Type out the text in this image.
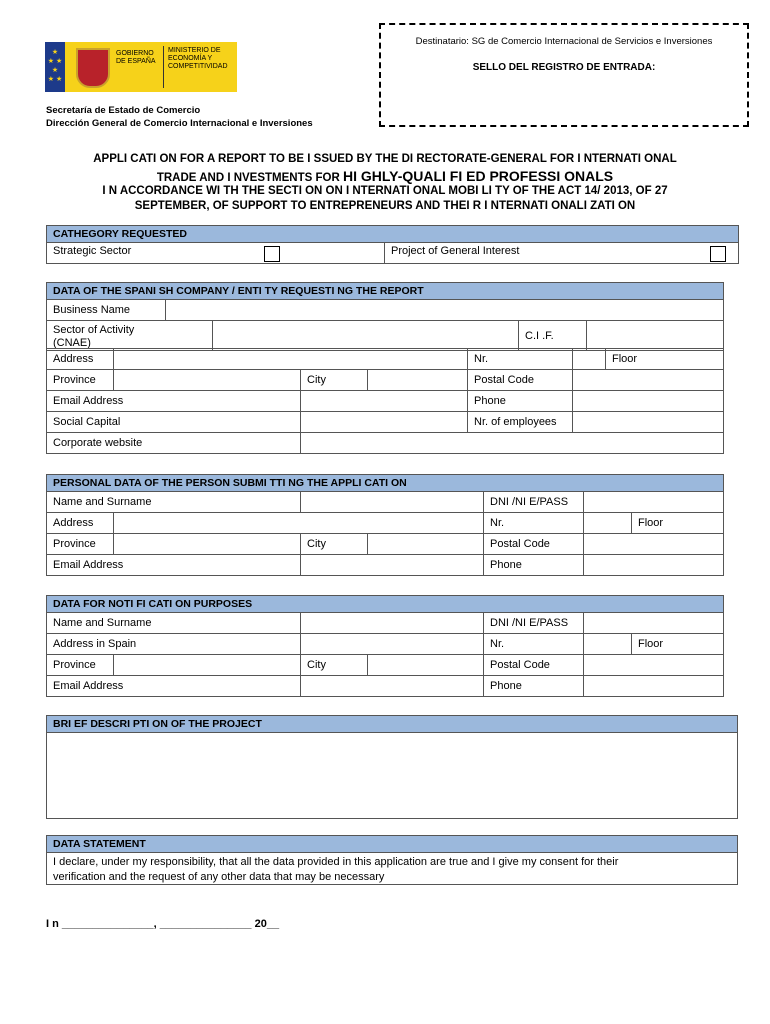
★
★ ★
★
★ ★
GOBIERNO DE ESPAÑA
MINISTERIO DE ECONOMÍA Y COMPETITIVIDAD
Secretaría de Estado de Comercio
Dirección General de Comercio Internacional e Inversiones
Destinatario: SG de Comercio Internacional de Servicios e Inversiones
SELLO DEL REGISTRO DE ENTRADA:
APPLI CATI ON FOR A REPORT TO BE I SSUED BY THE DI RECTORATE-GENERAL FOR I NTERNATI ONAL
TRADE AND I NVESTMENTS FOR HI GHLY-QUALI FI ED PROFESSI ONALS
I N ACCORDANCE WI TH THE SECTI ON ON I NTERNATI ONAL MOBI LI TY OF THE ACT 14/ 2013, OF 27
SEPTEMBER, OF SUPPORT TO ENTREPRENEURS AND THEI R I NTERNATI ONALI ZATI ON
CATHEGORY REQUESTED
Strategic Sector	Project of General Interest
DATA OF THE SPANI SH COMPANY / ENTI TY REQUESTI NG THE REPORT				
Business Name				

Sector of Activity
(CNAE)			C.I .F.	
Address				Nr.		Floor
Province		City		Postal Code		
Email Address				Phone		
Social Capital				Nr. of employees		
Corporate website						
PERSONAL DATA OF THE PERSON SUBMI TTI NG THE APPLI CATI ON						
Name and Surname				DNI /NI E/PASS		
Address				Nr.		Floor
Province		City		Postal Code		
Email Address				Phone		
DATA FOR NOTI FI CATI ON PURPOSES						
Name and Surname				DNI /NI E/PASS		
Address in Spain				Nr.		Floor
Province		City		Postal Code		
Email Address				Phone		
BRI EF DESCRI PTI ON OF THE PROJECT
DATA STATEMENT
I declare, under my responsibility, that all the data provided in this application are true and I give my consent for their
verification and the request of any other data that may be necessary
I n _______________, _______________ 20__
